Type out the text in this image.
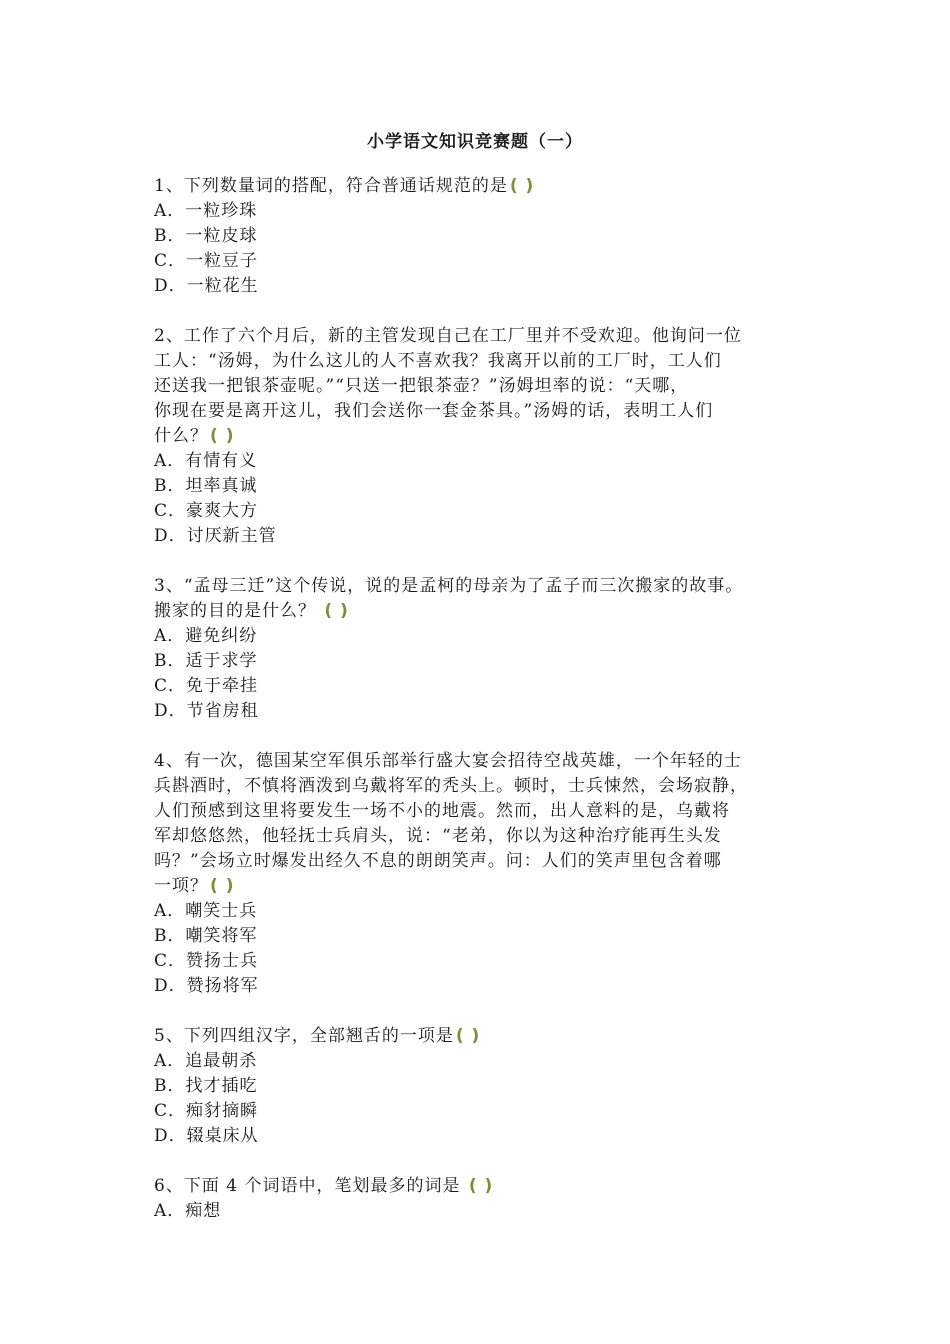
小学语文知识竞赛题（一）
1、下列数量词的搭配，符合普通话规范的是 ( )
A．一粒珍珠
B．一粒皮球
C．一粒豆子
D．一粒花生
2、工作了六个月后，新的主管发现自己在工厂里并不受欢迎。他询问一位
工人：“汤姆，为什么这儿的人不喜欢我？我离开以前的工厂时，工人们
还送我一把银茶壶呢。”“只送一把银茶壶？”汤姆坦率的说：“天哪，
你现在要是离开这儿，我们会送你一套金茶具。”汤姆的话，表明工人们
什么？ ( )
A．有情有义
B．坦率真诚
C．豪爽大方
D．讨厌新主管
3、“孟母三迁”这个传说，说的是孟柯的母亲为了孟子而三次搬家的故事。
搬家的目的是什么？ ( )
A．避免纠纷
B．适于求学
C．免于牵挂
D．节省房租
4、有一次，德国某空军俱乐部举行盛大宴会招待空战英雄，一个年轻的士
兵斟酒时，不慎将酒泼到乌戴将军的秃头上。顿时，士兵悚然，会场寂静，
人们预感到这里将要发生一场不小的地震。然而，出人意料的是，乌戴将
军却悠悠然，他轻抚士兵肩头，说：“老弟，你以为这种治疗能再生头发
吗？”会场立时爆发出经久不息的朗朗笑声。问：人们的笑声里包含着哪
一项？ ( )
A．嘲笑士兵
B．嘲笑将军
C．赞扬士兵
D．赞扬将军
5、下列四组汉字，全部翘舌的一项是 ( )
A．追最朝杀
B．找才插吃
C．痴豺摘瞬
D．辍桌床从
6、下面 4 个词语中，笔划最多的词是 ( )
A．痴想
